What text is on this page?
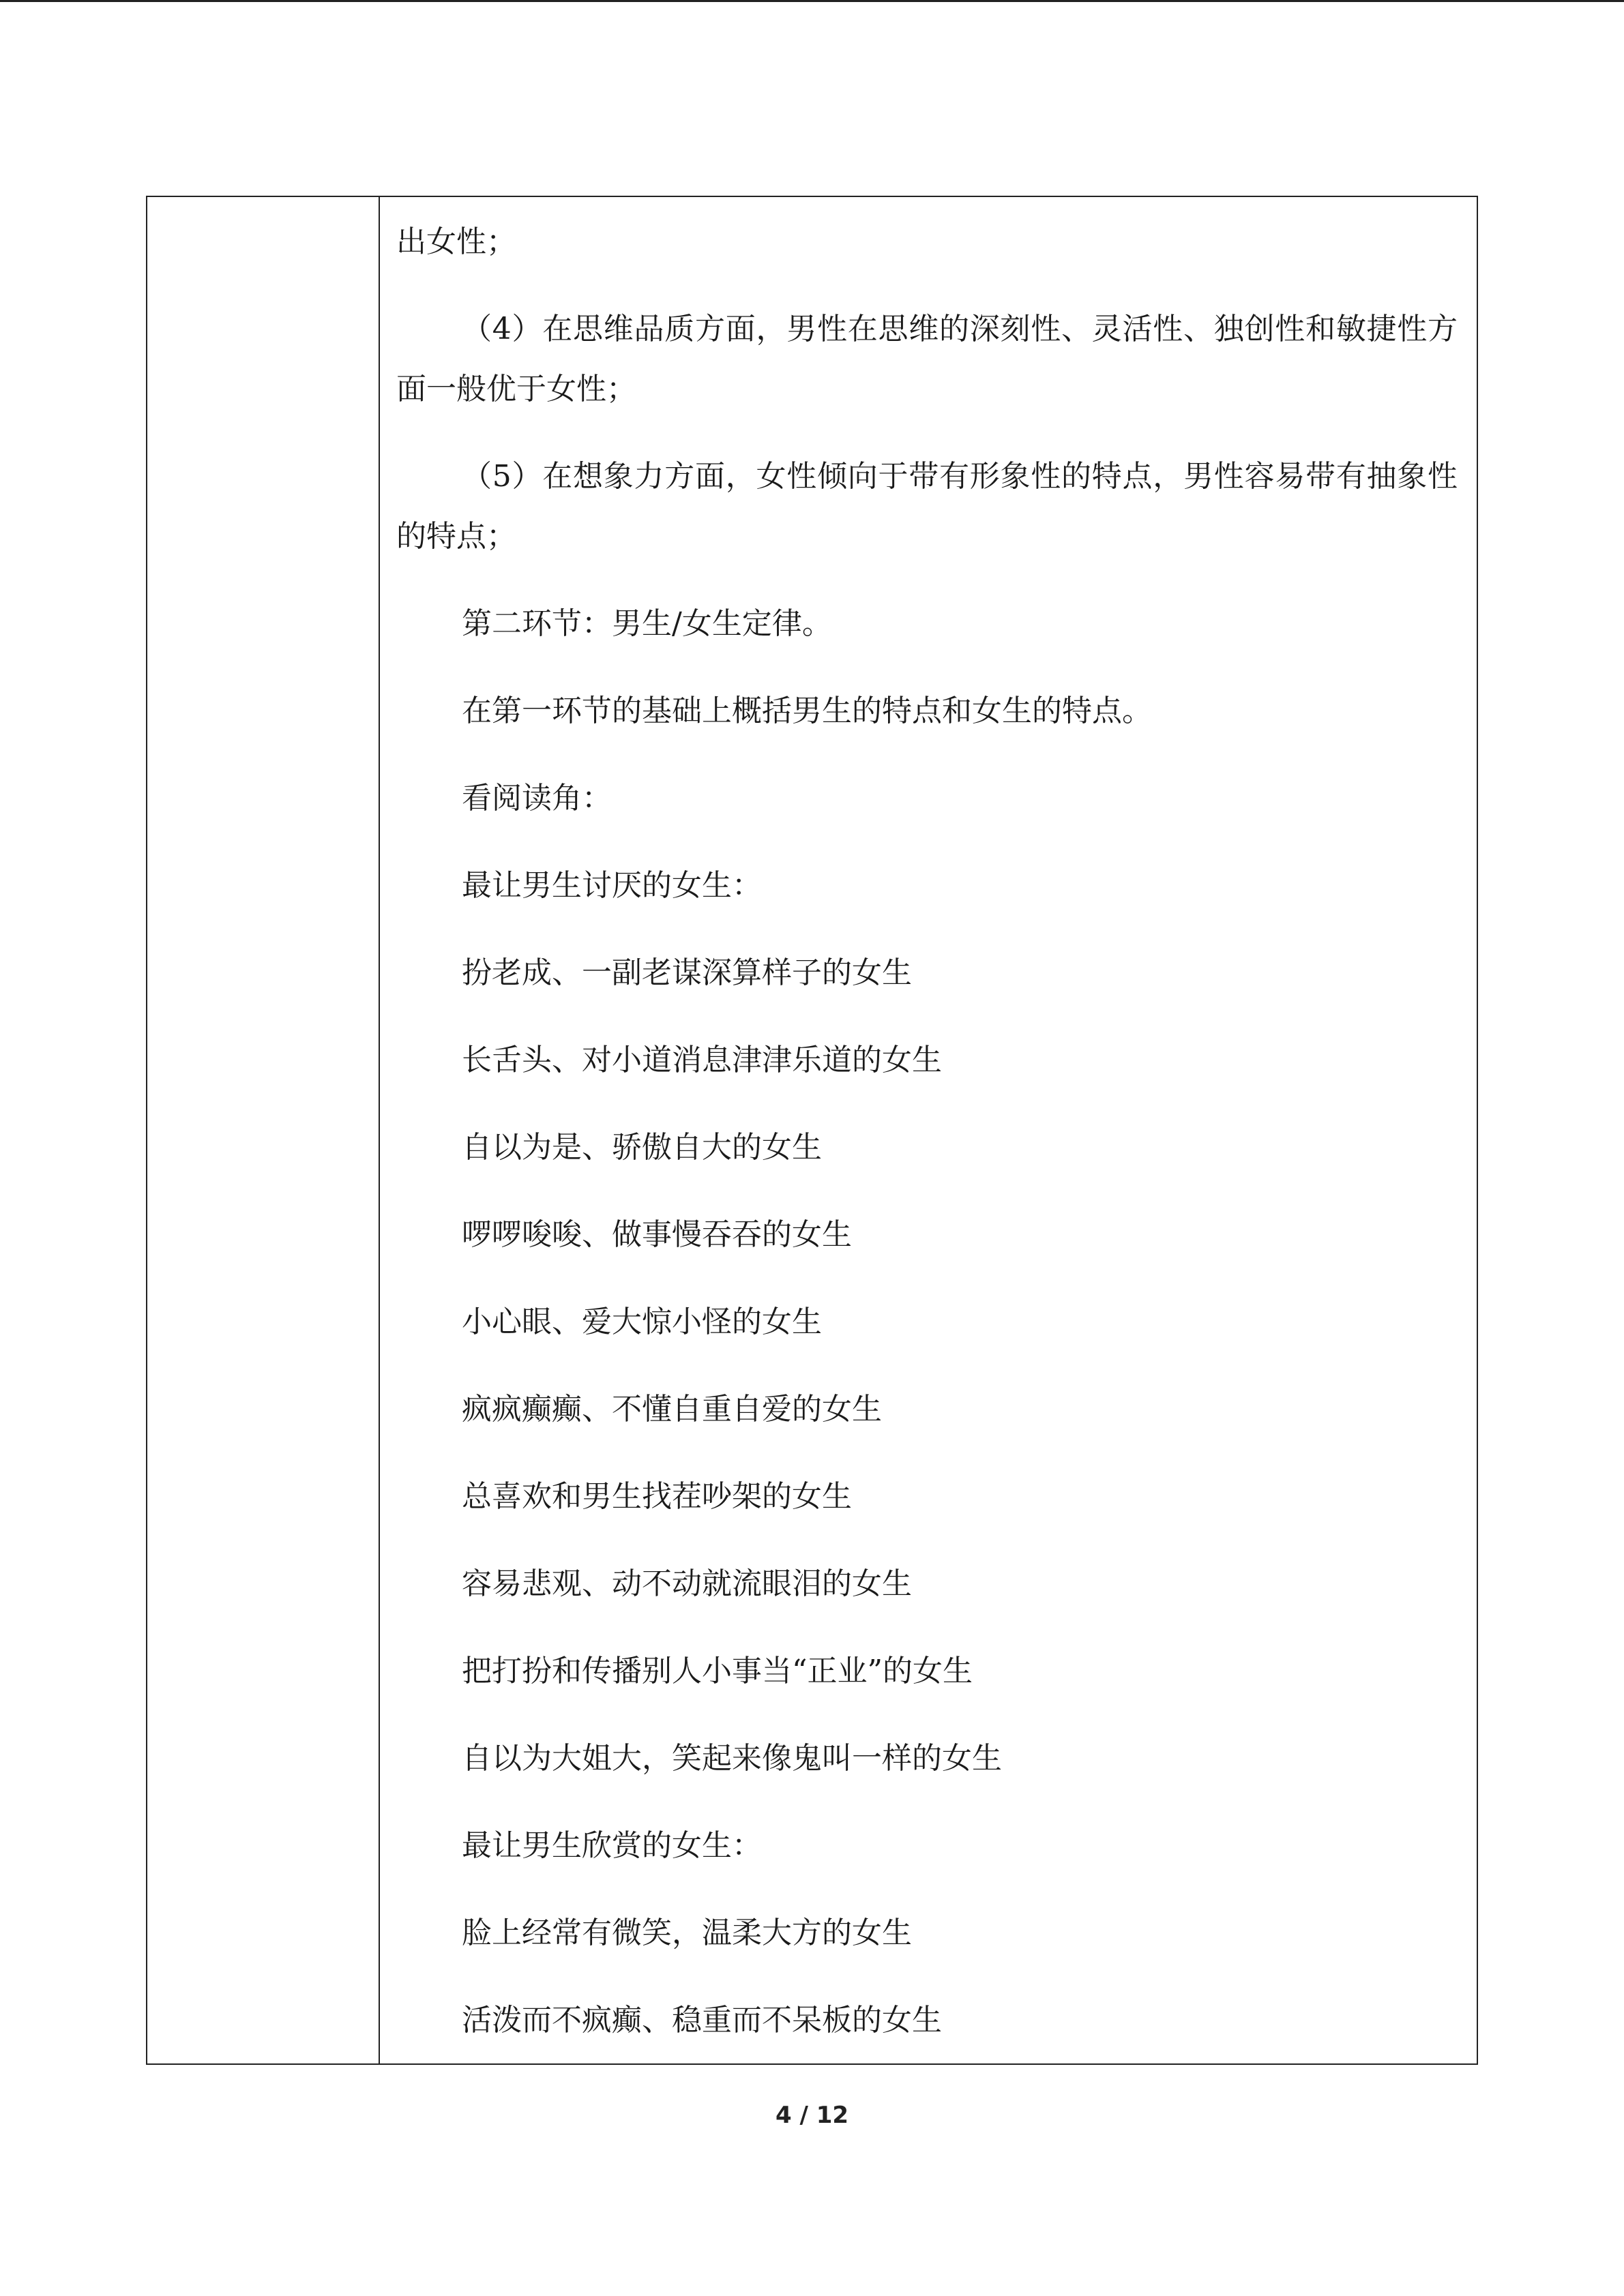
出女性；

（4）在思维品质方面，男性在思维的深刻性、灵活性、独创性和敏捷性方面一般优于女性；

（5）在想象力方面，女性倾向于带有形象性的特点，男性容易带有抽象性的特点；

第二环节：男生/女生定律。
在第一环节的基础上概括男生的特点和女生的特点。
看阅读角：
最让男生讨厌的女生：
扮老成、一副老谋深算样子的女生
长舌头、对小道消息津津乐道的女生
自以为是、骄傲自大的女生
啰啰唆唆、做事慢吞吞的女生
小心眼、爱大惊小怪的女生
疯疯癫癫、不懂自重自爱的女生
总喜欢和男生找茬吵架的女生
容易悲观、动不动就流眼泪的女生
把打扮和传播别人小事当“正业”的女生
自以为大姐大，笑起来像鬼叫一样的女生
最让男生欣赏的女生：
脸上经常有微笑，温柔大方的女生
活泼而不疯癫、稳重而不呆板的女生
4 / 12
